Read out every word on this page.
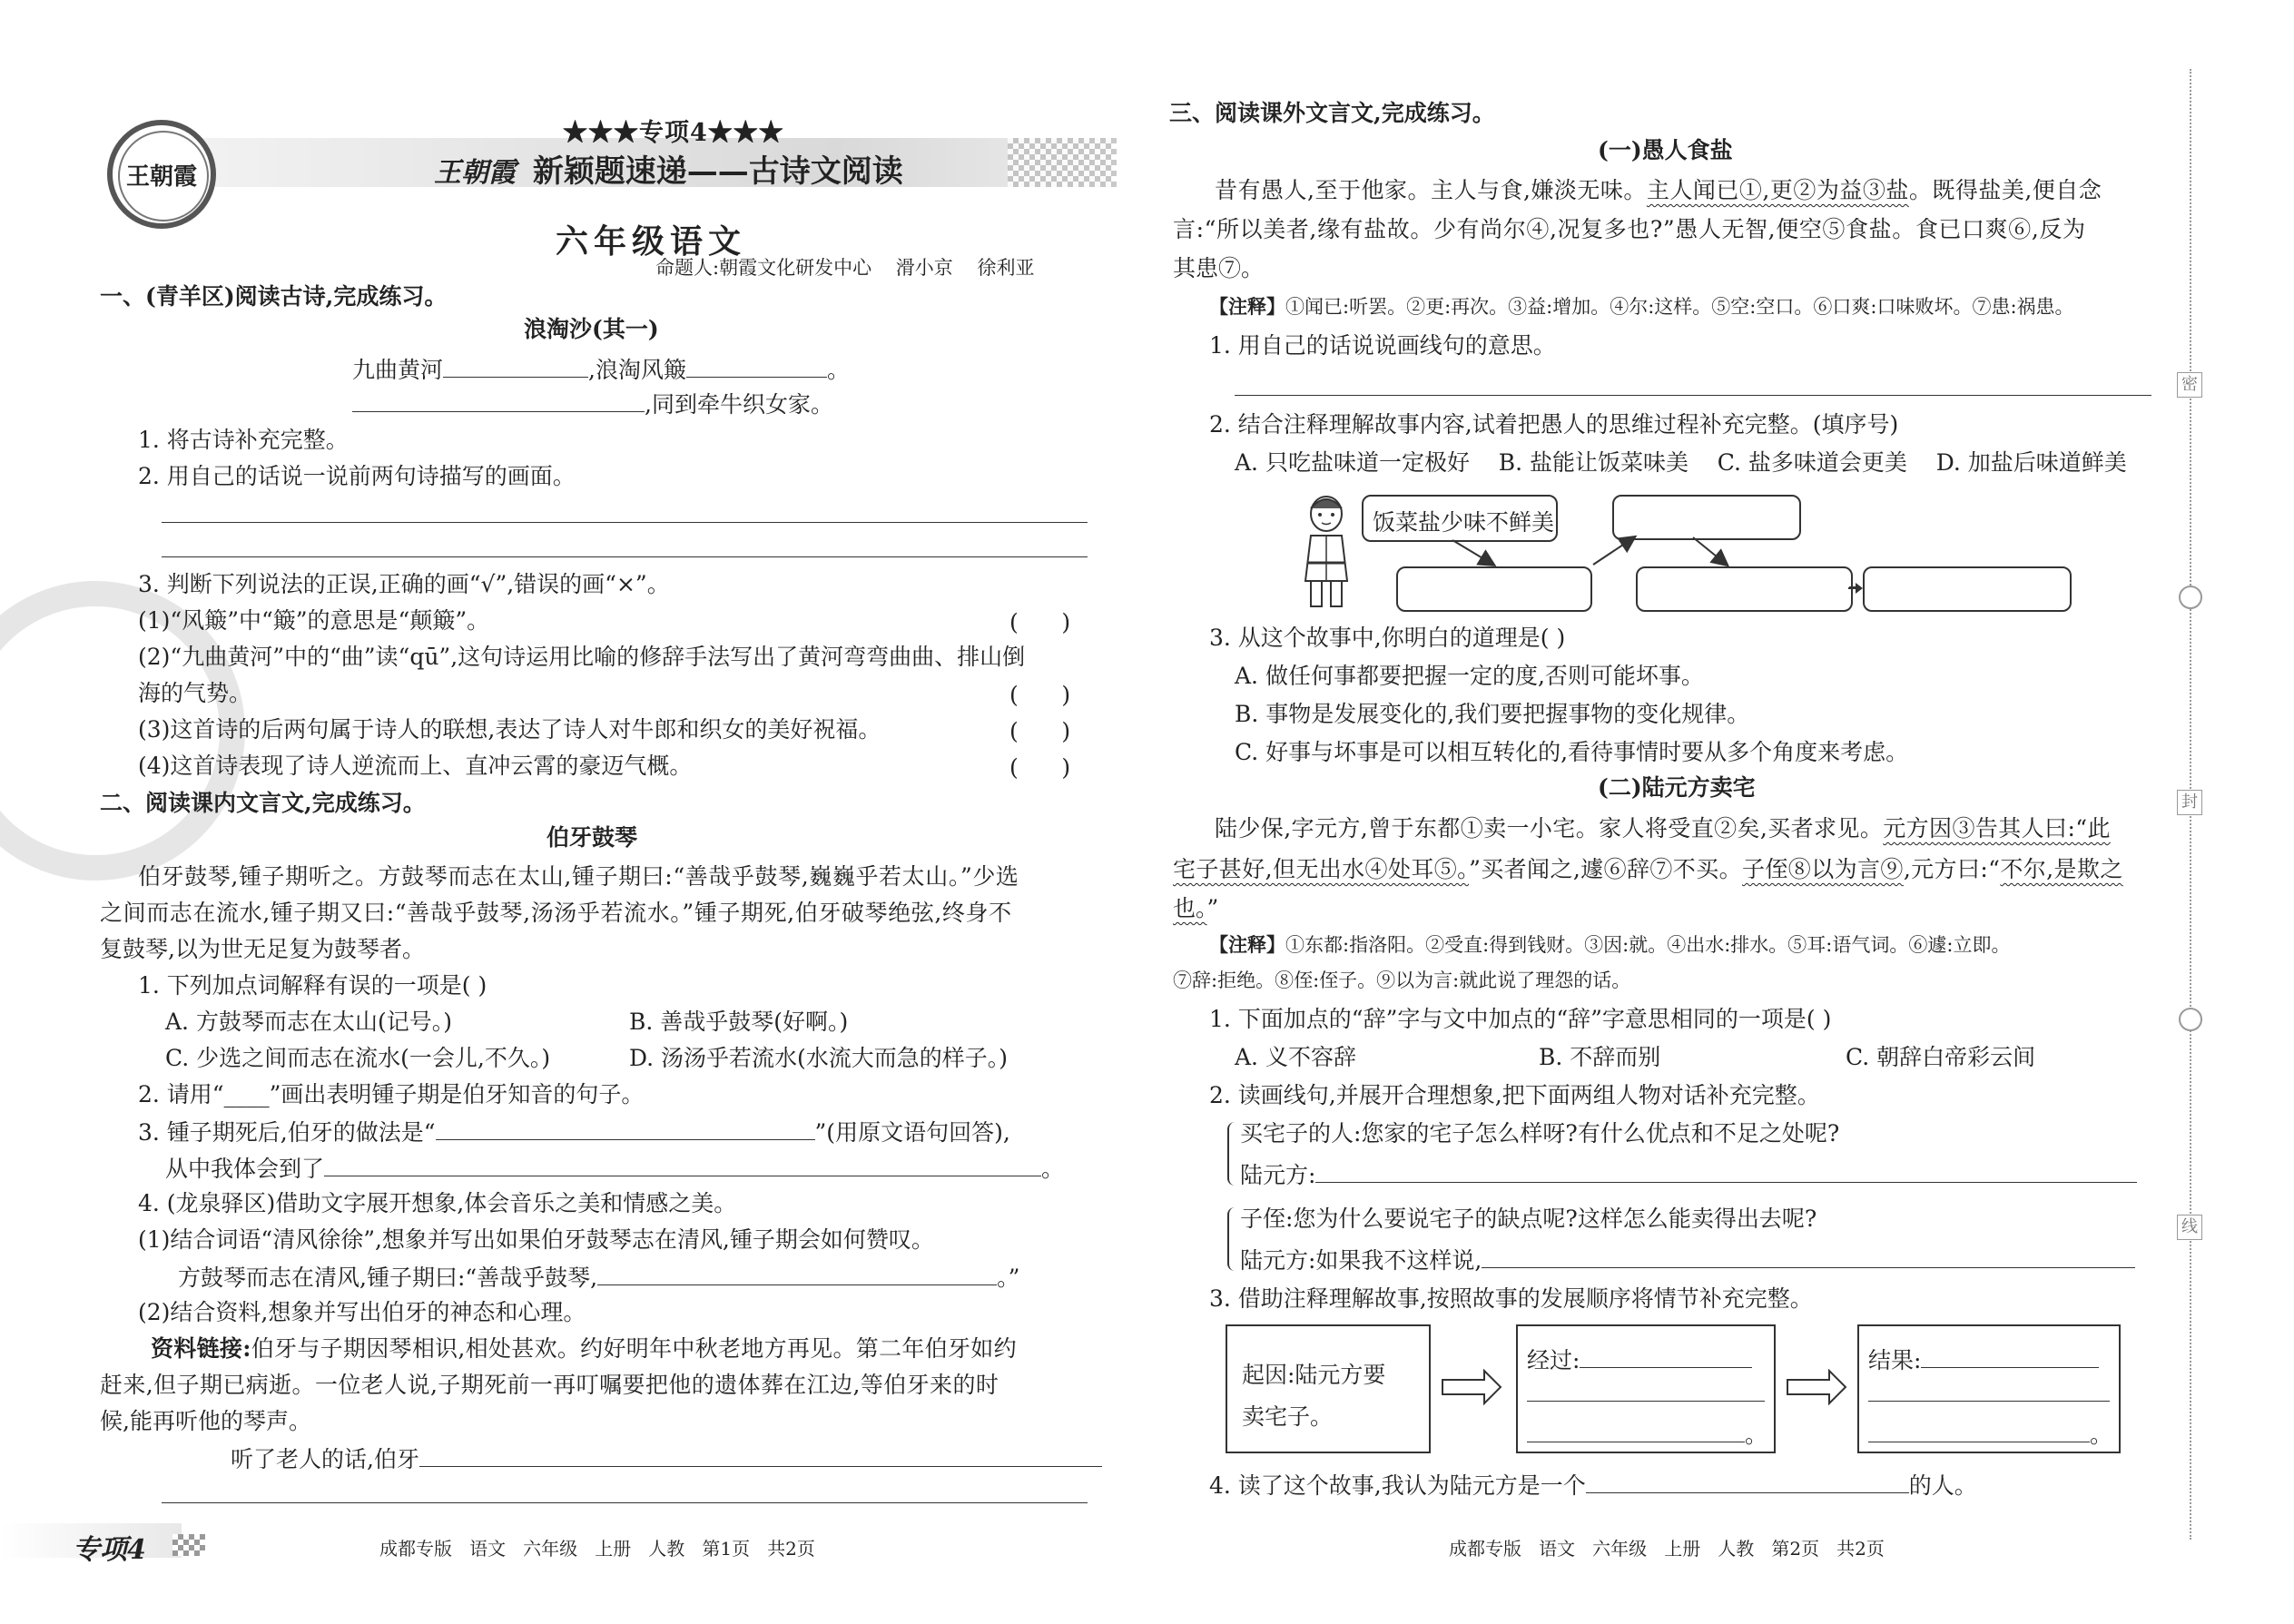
王朝霞
★★★专项4★★★
王朝霞 新颖题速递——古诗文阅读
六年级语文
命题人:朝霞文化研发中心    滑小京    徐利亚
一、(青羊区)阅读古诗,完成练习。
浪淘沙(其一)
九曲黄河	,浪淘风簸	。
,同到牵牛织女家。
1. 将古诗补充完整。
2. 用自己的话说一说前两句诗描写的画面。
3. 判断下列说法的正误,正确的画“√”,错误的画“×”。
(1)“风簸”中“簸”的意思是“颠簸”。	(      )
(2)“九曲黄河”中的“曲”读“qū”,这句诗运用比喻的修辞手法写出了黄河弯弯曲曲、排山倒
海的气势。	(      )
(3)这首诗的后两句属于诗人的联想,表达了诗人对牛郎和织女的美好祝福。	(      )
(4)这首诗表现了诗人逆流而上、直冲云霄的豪迈气概。	(      )
二、阅读课内文言文,完成练习。
伯牙鼓琴
伯牙鼓琴,锺子期听之。方鼓琴而志在太山,锺子期曰:“善哉乎鼓琴,巍巍乎若太山。”少选
之间而志在流水,锺子期又曰:“善哉乎鼓琴,汤汤乎若流水。”锺子期死,伯牙破琴绝弦,终身不
复鼓琴,以为世无足复为鼓琴者。
1. 下列加点词解释有误的一项是( )
A. 方鼓琴而志在太山(记号。)	B. 善哉乎鼓琴(好啊。)
C. 少选之间而志在流水(一会儿,不久。)	D. 汤汤乎若流水(水流大而急的样子。)
2. 请用“____”画出表明锺子期是伯牙知音的句子。
3. 锺子期死后,伯牙的做法是“	”(用原文语句回答),
从中我体会到了	。
4. (龙泉驿区)借助文字展开想象,体会音乐之美和情感之美。
(1)结合词语“清风徐徐”,想象并写出如果伯牙鼓琴志在清风,锺子期会如何赞叹。
方鼓琴而志在清风,锺子期曰:“善哉乎鼓琴,	。”
(2)结合资料,想象并写出伯牙的神态和心理。
资料链接:伯牙与子期因琴相识,相处甚欢。约好明年中秋老地方再见。第二年伯牙如约
赶来,但子期已病逝。一位老人说,子期死前一再叮嘱要把他的遗体葬在江边,等伯牙来的时
候,能再听他的琴声。
听了老人的话,伯牙
三、阅读课外文言文,完成练习。
(一)愚人食盐
昔有愚人,至于他家。主人与食,嫌淡无味。主人闻已①,更②为益③盐。既得盐美,便自念
言:“所以美者,缘有盐故。少有尚尔④,况复多也?”愚人无智,便空⑤食盐。食已口爽⑥,反为
其患⑦。
【注释】①闻已:听罢。②更:再次。③益:增加。④尔:这样。⑤空:空口。⑥口爽:口味败坏。⑦患:祸患。
1. 用自己的话说说画线句的意思。
2. 结合注释理解故事内容,试着把愚人的思维过程补充完整。(填序号)
A. 只吃盐味道一定极好    B. 盐能让饭菜味美    C. 盐多味道会更美    D. 加盐后味道鲜美
饭菜盐少味不鲜美
3. 从这个故事中,你明白的道理是( )
A. 做任何事都要把握一定的度,否则可能坏事。
B. 事物是发展变化的,我们要把握事物的变化规律。
C. 好事与坏事是可以相互转化的,看待事情时要从多个角度来考虑。
(二)陆元方卖宅
陆少保,字元方,曾于东都①卖一小宅。家人将受直②矣,买者求见。元方因③告其人曰:“此
宅子甚好,但无出水④处耳⑤。”买者闻之,遽⑥辞⑦不买。子侄⑧以为言⑨,元方曰:“不尔,是欺之
也。”
【注释】①东都:指洛阳。②受直:得到钱财。③因:就。④出水:排水。⑤耳:语气词。⑥遽:立即。
⑦辞:拒绝。⑧侄:侄子。⑨以为言:就此说了理怨的话。
1. 下面加点的“辞”字与文中加点的“辞”字意思相同的一项是( )
A. 义不容辞	B. 不辞而别	C. 朝辞白帝彩云间
2. 读画线句,并展开合理想象,把下面两组人物对话补充完整。
买宅子的人:您家的宅子怎么样呀?有什么优点和不足之处呢?
陆元方:
子侄:您为什么要说宅子的缺点呢?这样怎么能卖得出去呢?
陆元方:如果我不这样说,
3. 借助注释理解故事,按照故事的发展顺序将情节补充完整。
起因:陆元方要
卖宅子。
经过:
。
结果:
。
4. 读了这个故事,我认为陆元方是一个	的人。
密
封
线
专项4	成都专版   语文   六年级   上册   人教   第1页   共2页	成都专版   语文   六年级   上册   人教   第2页   共2页
